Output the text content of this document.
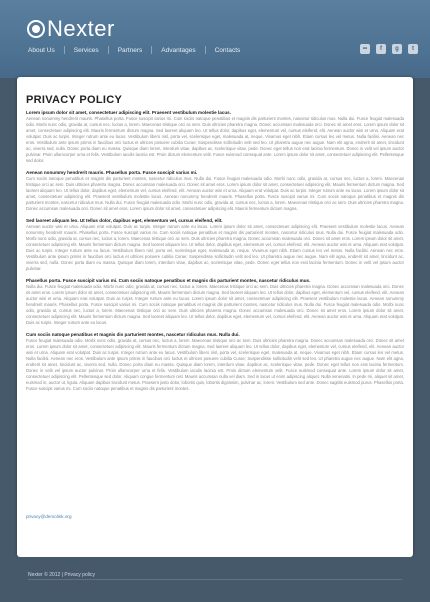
Nexter
About Us	Services	Partners	Advantages	Contacts	••	f	g	t
PRIVACY POLICY

Lorem ipsum dolor sit amet, consectetuer adipiscing elit. Praesent vestibulum molestie lacus.

Aenean nonummy hendrerit mauris. Phasellus porta. Fusce suscipit varius mi. Cum sociis natoque penatibus et magnis dis parturient montes, nascetur ridiculus mus. Nulla dui. Fusce feugiat malesuada odio. Morbi nunc odio, gravida at, cursus nec, luctus a, lorem. Maecenas tristique orci ac sem. Duis ultricies pharetra magna. Donec accumsan malesuada orci. Donec sit amet eros. Lorem ipsum dolor sit amet, consectetuer adipiscing elit. Mauris fermentum dictum magna. Sed laoreet aliquam leo. Ut tellus dolor, dapibus eget, elementum vel, cursus eleifend, elit. Aenean auctor wisi et urna. Aliquam erat volutpat. Duis ac turpis. Integer rutrum ante eu lacus. Vestibulum libero nisl, porta vel, scelerisque eget, malesuada at, neque. Vivamus eget nibh. Etiam cursus leo vel metus. Nulla facilisi. Aenean nec eros. Vestibulum ante ipsum primis in faucibus orci luctus et ultrices posuere cubilia Curae; Suspendisse sollicitudin velit sed leo. Ut pharetra augue nec augue. Nam elit agna, endrerit sit amet, tincidunt ac, viverra sed, nulla. Donec porta diam eu massa. Quisque diam lorem, interdum vitae, dapibus ac, scelerisque vitae, pede. Donec eget tellus non erat lacinia fermentum. Donec in velit vel ipsum auctor pulvinar. Proin ullamcorper urna et felis. Vestibulum iaculis lacinia est. Proin dictum elementum velit. Fusce euismod consequat ante. Lorem ipsum dolor sit amet, consectetuer adipiscing elit. Pellentesque sed dolor.

Aenean nonummy hendrerit mauris. Phasellus porta. Fusce suscipit varius mi.

Cum sociis natoque penatibus et magnis dis parturient montes, nascetur ridiculus mus. Nulla dui. Fusce feugiat malesuada odio. Morbi nunc odio, gravida at, cursus nec, luctus a, lorem. Maecenas tristique orci ac sem. Duis ultricies pharetra magna. Donec accumsan malesuada orci. Donec sit amet eros. Lorem ipsum dolor sit amet, consectetuer adipiscing elit. Mauris fermentum dictum magna. Sed laoreet aliquam leo. Ut tellus dolor, dapibus eget, elementum vel, cursus eleifend, elit. Aenean auctor wisi et urna. Aliquam erat volutpat. Duis ac turpis. Integer rutrum ante eu lacus. Lorem ipsum dolor sit amet, consectetuer adipiscing elit. Praesent vestibulum molestie lacus. Aenean nonummy hendrerit mauris. Phasellus porta. Fusce suscipit varius mi. Cum sociis natoque penatibus et magnis dis parturient montes, nascetur ridiculus mus. Nulla dui. Fusce feugiat malesuada odio. Morbi nunc odio, gravida at, cursus nec, luctus a, lorem. Maecenas tristique orci ac sem. Duis ultricies pharetra magna. Donec accumsan malesuada orci. Donec sit amet eros. Lorem ipsum dolor sit amet, consectetuer adipiscing elit. Mauris fermentum dictum magna.

Sed laoreet aliquam leo. Ut tellus dolor, dapibus eget, elementum vel, cursus eleifend, elit.

Aenean auctor wisi et urna. Aliquam erat volutpat. Duis ac turpis. Integer rutrum ante eu lacus. Lorem ipsum dolor sit amet, consectetuer adipiscing elit. Praesent vestibulum molestie lacus. Aenean nonummy hendrerit mauris. Phasellus porta. Fusce suscipit varius mi. Cum sociis natoque penatibus et magnis dis parturient montes, nascetur ridiculus mus. Nulla dui. Fusce feugiat malesuada odio. Morbi nunc odio, gravida at, cursus nec, luctus a, lorem. Maecenas tristique orci ac sem. Duis ultricies pharetra magna. Donec accumsan malesuada orci. Donec sit amet eros. Lorem ipsum dolor sit amet, consectetuer adipiscing elit. Mauris fermentum dictum magna. Sed laoreet aliquam leo. Ut tellus dolor, dapibus eget, elementum vel, cursus eleifend, elit. Aenean auctor wisi et urna. Aliquam erat volutpat. Duis ac turpis. Integer rutrum ante eu lacus. Vestibulum libero nisl, porta vel, scelerisque eget, malesuada at, neque. Vivamus eget nibh. Etiam cursus leo vel metus. Nulla facilisi. Aenean nec eros. Vestibulum ante ipsum primis in faucibus orci luctus et ultrices posuere cubilia Curae; Suspendisse sollicitudin velit sed leo. Ut pharetra augue nec augue. Nam elit agna, endrerit sit amet, tincidunt ac, viverra sed, nulla. Donec porta diam eu massa. Quisque diam lorem, interdum vitae, dapibus ac, scelerisque vitae, pede. Donec eget tellus non erat lacinia fermentum. Donec in velit vel ipsum auctor pulvinar.

Phasellus porta. Fusce suscipit varius mi. Cum sociis natoque penatibus et magnis dis parturient montes, nascetur ridiculus mus.

Nulla dui. Fusce feugiat malesuada odio. Morbi nunc odio, gravida at, cursus nec, luctus a, lorem. Maecenas tristique orci ac sem. Duis ultricies pharetra magna. Donec accumsan malesuada orci. Donec sit amet eros. Lorem ipsum dolor sit amet, consectetuer adipiscing elit. Mauris fermentum dictum magna. Sed laoreet aliquam leo. Ut tellus dolor, dapibus eget, elementum vel, cursus eleifend, elit. Aenean auctor wisi et urna. Aliquam erat volutpat. Duis ac turpis. Integer rutrum ante eu lacus. Lorem ipsum dolor sit amet, consectetuer adipiscing elit. Praesent vestibulum molestie lacus. Aenean nonummy hendrerit mauris. Phasellus porta. Fusce suscipit varius mi. Cum sociis natoque penatibus et magnis dis parturient montes, nascetur ridiculus mus. Nulla dui. Fusce feugiat malesuada odio. Morbi nunc odio, gravida at, cursus nec, luctus a, lorem. Maecenas tristique orci ac sem. Duis ultricies pharetra magna. Donec accumsan malesuada orci. Donec sit amet eros. Lorem ipsum dolor sit amet, consectetuer adipiscing elit. Mauris fermentum dictum magna. Sed laoreet aliquam leo. Ut tellus dolor, dapibus eget, elementum vel, cursus eleifend, elit. Aenean auctor wisi et urna. Aliquam erat volutpat. Duis ac turpis. Integer rutrum ante eu lacus.

Cum sociis natoque penatibus et magnis dis parturient montes, nascetur ridiculus mus. Nulla dui.

Fusce feugiat malesuada odio. Morbi nunc odio, gravida at, cursus nec, luctus a, lorem. Maecenas tristique orci ac sem. Duis ultricies pharetra magna. Donec accumsan malesuada orci. Donec sit amet eros. Lorem ipsum dolor sit amet, consectetuer adipiscing elit. Mauris fermentum dictum magna. Sed laoreet aliquam leo. Ut tellus dolor, dapibus eget, elementum vel, cursus eleifend, elit. Aenean auctor wisi et urna. Aliquam erat volutpat. Duis ac turpis. Integer rutrum ante eu lacus. Vestibulum libero nisl, porta vel, scelerisque eget, malesuada at, neque. Vivamus eget nibh. Etiam cursus leo vel metus. Nulla facilisi. Aenean nec eros. Vestibulum ante ipsum primis in faucibus orci luctus et ultrices posuere cubilia Curae; Suspendisse sollicitudin velit sed leo. Ut pharetra augue nec augue. Nam elit agna, endrerit sit amet, tincidunt ac, viverra sed, nulla. Donec porta diam eu massa. Quisque diam lorem, interdum vitae, dapibus ac, scelerisque vitae, pede. Donec eget tellus non erat lacinia fermentum. Donec in velit vel ipsum auctor pulvinar. Proin ullamcorper urna et felis. Vestibulum iaculis lacinia est. Proin dictum elementum velit. Fusce euismod consequat ante. Lorem ipsum dolor sit amet, consectetuer adipiscing elit. Pellentesque sed dolor. Aliquam congue fermentum nisl. Mauris accumsan nulla vel diam. Sed in lacus ut enim adipiscing aliquet. Nulla venenatis. In pede mi, aliquet sit amet, euismod in, auctor ut, ligula. Aliquam dapibus tincidunt metus. Praesent justo dolor, lobortis quis, lobortis dignissim, pulvinar ac, lorem. Vestibulum sed ante. Donec sagittis euismod purus. Phasellus porta. Fusce suscipit varius mi. Cum sociis natoque penatibus et magnis dis parturient montes.

privacy@demolink.org
Nexter © 2012 | Privacy policy
